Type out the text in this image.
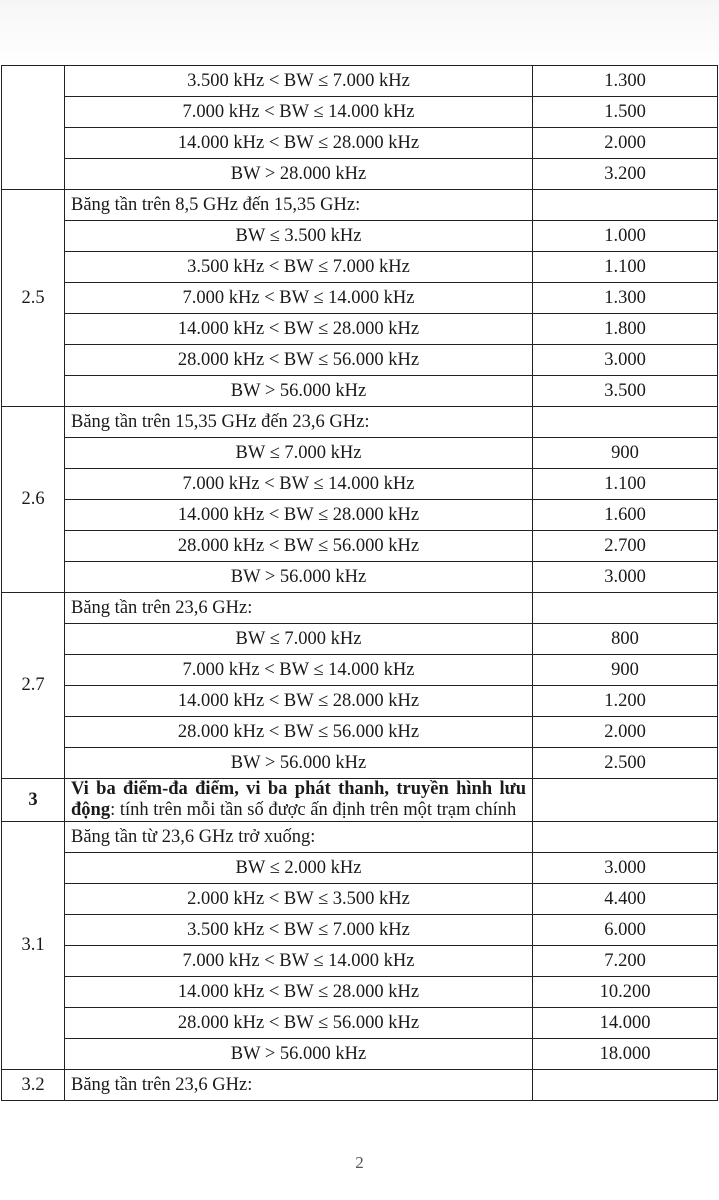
	3.500 kHz < BW ≤ 7.000 kHz	1.300
	7.000 kHz < BW ≤ 14.000 kHz	1.500
	14.000 kHz < BW ≤ 28.000 kHz	2.000
	BW > 28.000 kHz	3.200
2.5	Băng tần trên 8,5 GHz đến 15,35 GHz:	
	BW ≤ 3.500 kHz	1.000
	3.500 kHz < BW ≤ 7.000 kHz	1.100
	7.000 kHz < BW ≤ 14.000 kHz	1.300
	14.000 kHz < BW ≤ 28.000 kHz	1.800
	28.000 kHz < BW ≤ 56.000 kHz	3.000
	BW > 56.000 kHz	3.500
2.6	Băng tần trên 15,35 GHz đến 23,6 GHz:	
	BW ≤ 7.000 kHz	900
	7.000 kHz < BW ≤ 14.000 kHz	1.100
	14.000 kHz < BW ≤ 28.000 kHz	1.600
	28.000 kHz < BW ≤ 56.000 kHz	2.700
	BW > 56.000 kHz	3.000
2.7	Băng tần trên 23,6 GHz:	
	BW ≤ 7.000 kHz	800
	7.000 kHz < BW ≤ 14.000 kHz	900
	14.000 kHz < BW ≤ 28.000 kHz	1.200
	28.000 kHz < BW ≤ 56.000 kHz	2.000
	BW > 56.000 kHz	2.500
3	Vi ba điểm-đa điểm, vi ba phát thanh, truyền hình lưu động: tính trên mỗi tần số được ấn định trên một trạm chính	
3.1	Băng tần từ 23,6 GHz trở xuống:	
	BW ≤ 2.000 kHz	3.000
	2.000 kHz < BW ≤ 3.500 kHz	4.400
	3.500 kHz < BW ≤ 7.000 kHz	6.000
	7.000 kHz < BW ≤ 14.000 kHz	7.200
	14.000 kHz < BW ≤ 28.000 kHz	10.200
	28.000 kHz < BW ≤ 56.000 kHz	14.000
	BW > 56.000 kHz	18.000
3.2	Băng tần trên 23,6 GHz:	
2
